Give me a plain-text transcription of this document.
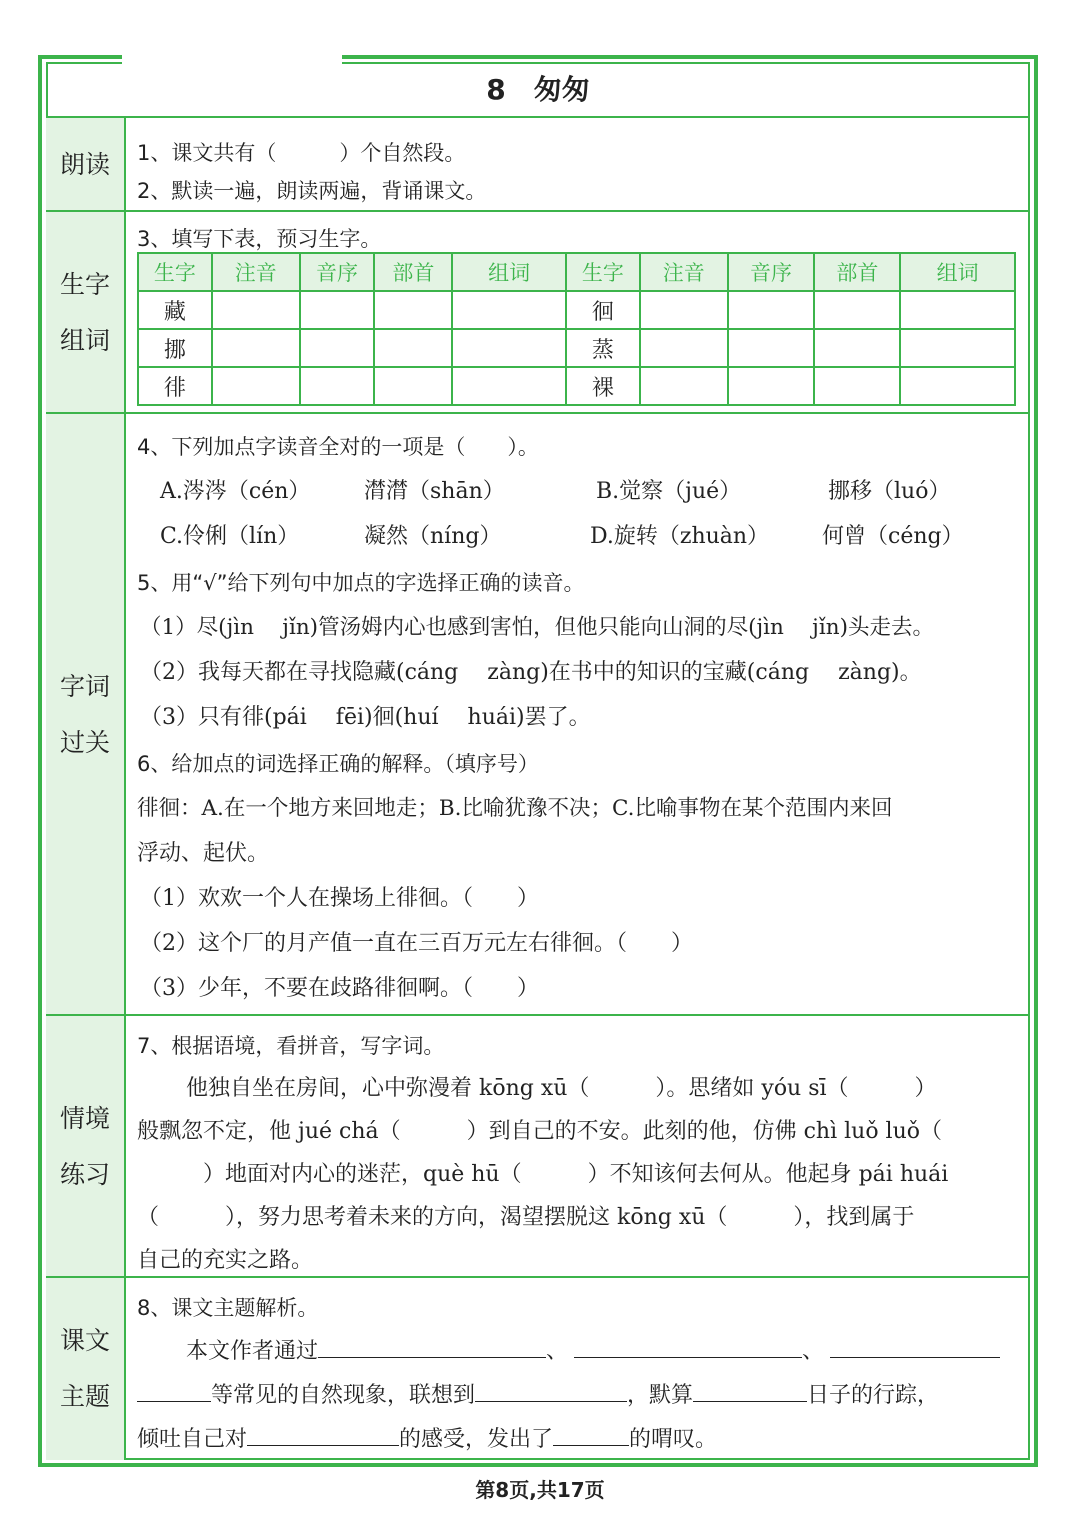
8　匆匆
朗读 1、课文共有（　　　）个自然段。
2、默读一遍，朗读两遍，背诵课文。
生字
组词
3、填写下表，预习生字。
生字	注音	音序	部首	组词	生字	注音	音序	部首	组词
藏					徊				
挪					蒸				
徘					裸				
字词
过关
4、下列加点字读音全对的一项是（　　）。
A.涔涔（cén） 潸潸（shān）	B.觉察（jué）	挪移（luó）
C.伶俐（lín）	凝然（níng）	D.旋转（zhuàn） 何曾（céng）
5、用“√”给下列句中加点的字选择正确的读音。
（1）尽(jìn　 jǐn)管汤姆内心也感到害怕，但他只能向山洞的尽(jìn　 jǐn)头走去。
（2）我每天都在寻找隐藏(cáng　 zàng)在书中的知识的宝藏(cáng　 zàng)。
（3）只有徘(pái　 fēi)徊(huí　 huái)罢了。
6、给加点的词选择正确的解释。（填序号）
徘徊：A.在一个地方来回地走；B.比喻犹豫不决；C.比喻事物在某个范围内来回
浮动、起伏。
（1）欢欢一个人在操场上徘徊。（　　）
（2）这个厂的月产值一直在三百万元左右徘徊。（　　）
（3）少年，不要在歧路徘徊啊。（　　）
情境
练习
7、根据语境，看拼音，写字词。
他独自坐在房间，心中弥漫着 kōng xū（　　　）。思绪如 yóu sī（　　　）
般飘忽不定，他 jué chá（　　　）到自己的不安。此刻的他，仿佛 chì luǒ luǒ（
　　　）地面对内心的迷茫，què hū（　　　）不知该何去何从。他起身 pái huái
（　　　），努力思考着未来的方向，渴望摆脱这 kōng xū（　　　），找到属于
自己的充实之路。
课文
主题
8、课文主题解析。
本文作者通过	、	、
等常见的自然现象，联想到	，默算	日子的行踪，
倾吐自己对	的感受，发出了	的喟叹。
第8页,共17页
